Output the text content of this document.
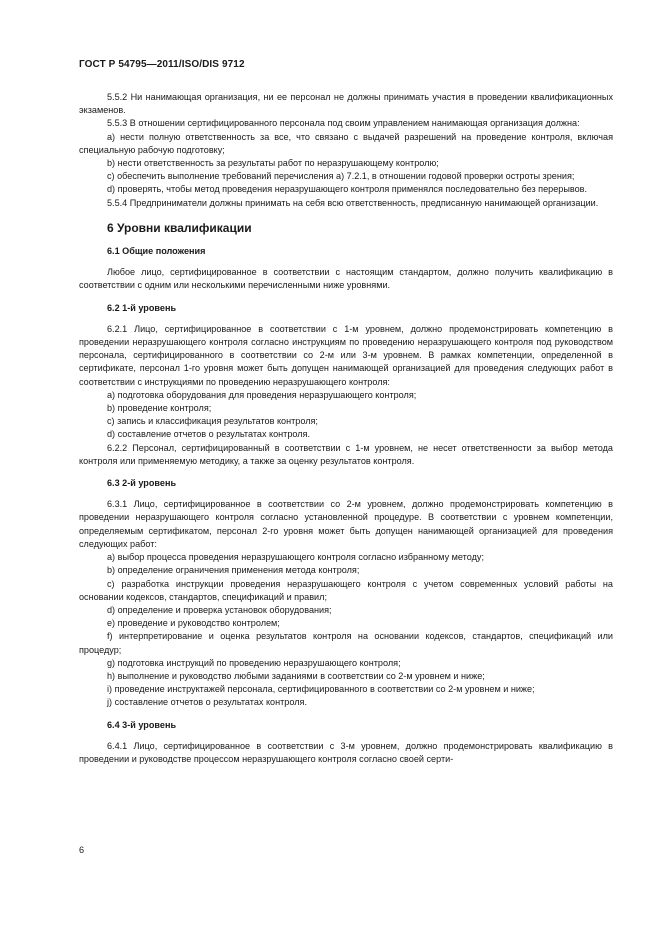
ГОСТ Р 54795—2011/ISO/DIS 9712

5.5.2 Ни нанимающая организация, ни ее персонал не должны принимать участия в проведении квалификационных экзаменов.

5.5.3 В отношении сертифицированного персонала под своим управлением нанимающая организация должна:

a) нести полную ответственность за все, что связано с выдачей разрешений на проведение контроля, включая специальную рабочую подготовку;

b) нести ответственность за результаты работ по неразрушающему контролю;

c) обеспечить выполнение требований перечисления a) 7.2.1, в отношении годовой проверки остроты зрения;

d) проверять, чтобы метод проведения неразрушающего контроля применялся последовательно без перерывов.

5.5.4 Предприниматели должны принимать на себя всю ответственность, предписанную нанимающей организации.

6 Уровни квалификации
6.1 Общие положения

Любое лицо, сертифицированное в соответствии с настоящим стандартом, должно получить квалификацию в соответствии с одним или несколькими перечисленными ниже уровнями.

6.2 1-й уровень

6.2.1 Лицо, сертифицированное в соответствии с 1-м уровнем, должно продемонстрировать компетенцию в проведении неразрушающего контроля согласно инструкциям по проведению неразрушающего контроля под руководством персонала, сертифицированного в соответствии со 2-м или 3-м уровнем. В рамках компетенции, определенной в сертификате, персонал 1-го уровня может быть допущен нанимающей организацией для проведения следующих работ в соответствии с инструкциями по проведению неразрушающего контроля:

a) подготовка оборудования для проведения неразрушающего контроля;

b) проведение контроля;

c) запись и классификация результатов контроля;

d) составление отчетов о результатах контроля.

6.2.2 Персонал, сертифицированный в соответствии с 1-м уровнем, не несет ответственности за выбор метода контроля или применяемую методику, а также за оценку результатов контроля.

6.3 2-й уровень

6.3.1 Лицо, сертифицированное в соответствии со 2-м уровнем, должно продемонстрировать компетенцию в проведении неразрушающего контроля согласно установленной процедуре. В соответствии с уровнем компетенции, определяемым сертификатом, персонал 2-го уровня может быть допущен нанимающей организацией для проведения следующих работ:

a) выбор процесса проведения неразрушающего контроля согласно избранному методу;

b) определение ограничения применения метода контроля;

c) разработка инструкции проведения неразрушающего контроля с учетом современных условий работы на основании кодексов, стандартов, спецификаций и правил;

d) определение и проверка установок оборудования;

e) проведение и руководство контролем;

f) интерпретирование и оценка результатов контроля на основании кодексов, стандартов, спецификаций или процедур;

g) подготовка инструкций по проведению неразрушающего контроля;

h) выполнение и руководство любыми заданиями в соответствии со 2-м уровнем и ниже;

i) проведение инструктажей персонала, сертифицированного в соответствии со 2-м уровнем и ниже;

j) составление отчетов о результатах контроля.

6.4 3-й уровень

6.4.1 Лицо, сертифицированное в соответствии с 3-м уровнем, должно продемонстрировать квалификацию в проведении и руководстве процессом неразрушающего контроля согласно своей серти-

6
